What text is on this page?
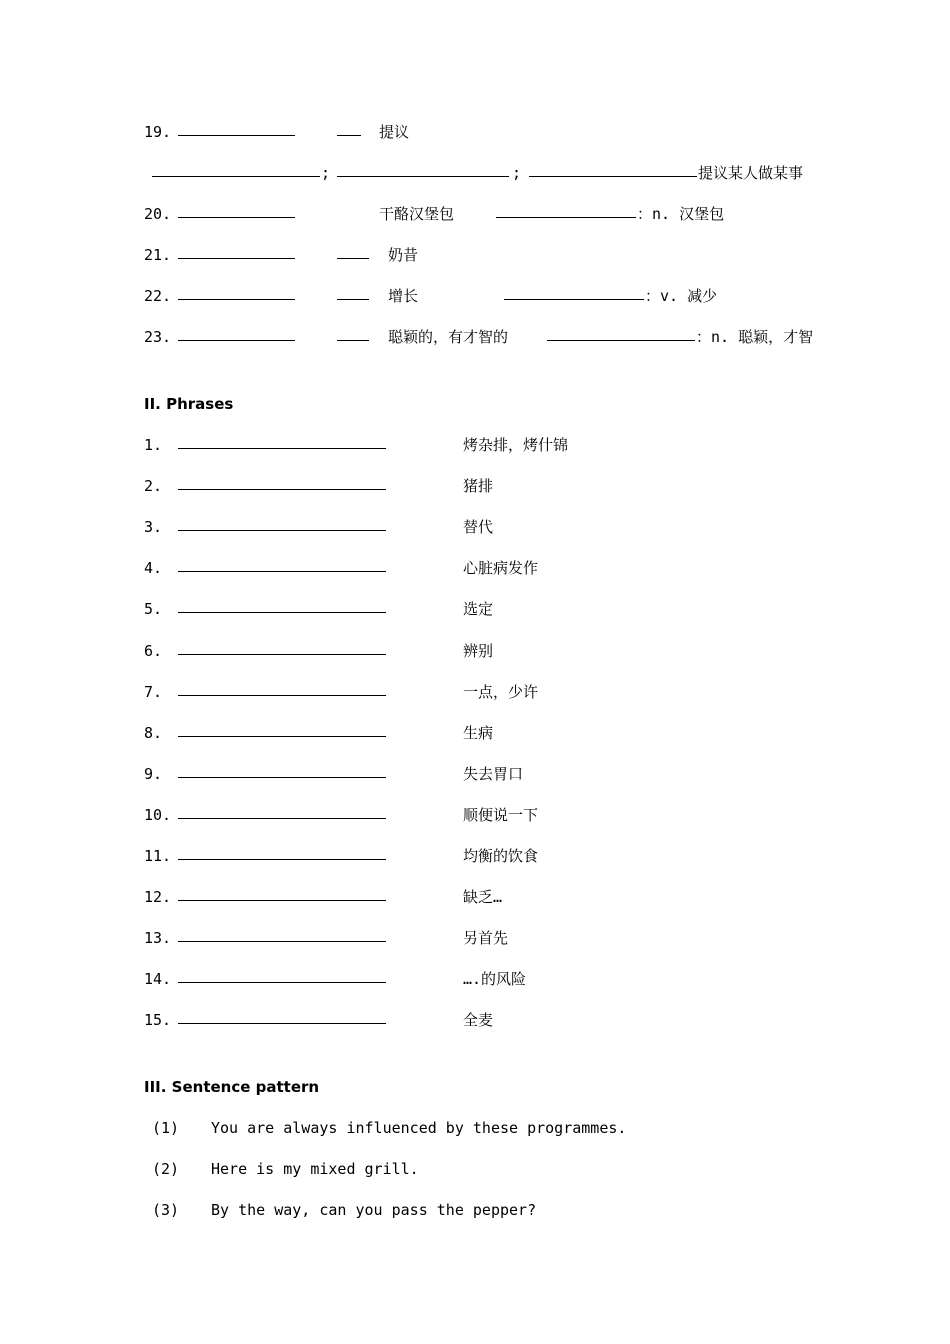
19.	提议
;	;	提议某人做某事
20.	干酪汉堡包	：n. 汉堡包
21.	奶昔
22.	增长	：v. 减少
23.	聪颖的，有才智的	：n. 聪颖，才智
II. Phrases
1.	烤杂排，烤什锦
2.	猪排
3.	替代
4.	心脏病发作
5.	选定
6.	辨别
7.	一点，少许
8.	生病
9.	失去胃口
10.	顺便说一下
11.	均衡的饮食
12.	缺乏…
13.	另首先
14.	….的风险
15.	全麦
III. Sentence pattern
(1) You are always influenced by these programmes.
(2) Here is my mixed grill.
(3) By the way, can you pass the pepper?
